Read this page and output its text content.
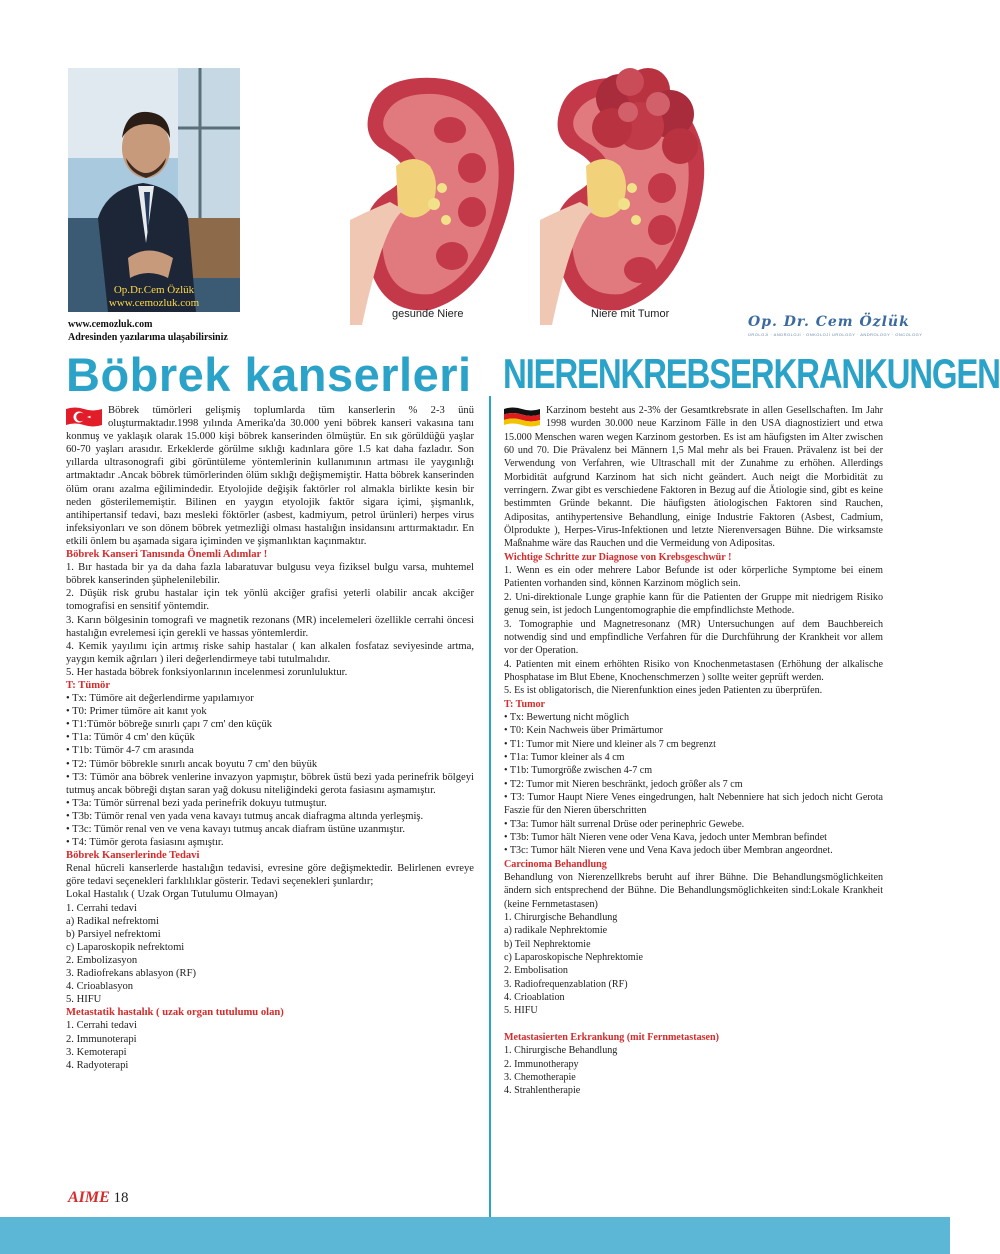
Op.Dr.Cem Özlük
www.cemozluk.com
www.cemozluk.com
Adresinden yazılarıma ulaşabilirsiniz
gesunde Niere	Niere mit Tumor	Op. Dr. Cem Özlük
ÜROLOJİ · ANDROLOJİ · ONKOLOJİ UROLOGY · ANDROLOGY · ONCOLOGY
Böbrek kanserleri NIERENKREBSERKRANKUNGEN

Böbrek tümörleri gelişmiş toplumlarda tüm kanserlerin % 2-3 ünü oluşturmaktadır.1998 yılında Amerika'da 30.000 yeni böbrek kanseri vakasına tanı konmuş ve yaklaşık olarak 15.000 kişi böbrek kanserinden ölmüştür. En sık görüldüğü yaşlar 60-70 yaşları arasıdır. Erkeklerde görülme sıklığı kadınlara göre 1.5 kat daha fazladır. Son yıllarda ultrasonografi gibi görüntüleme yöntemlerinin kullanımının artması ile yaygınlığı artmaktadır .Ancak böbrek tümörlerinden ölüm sıklığı değişmemiştir. Hatta böbrek kanserinden ölüm oranı azalma eğilimindedir. Etyolojide değişik faktörler rol almakla birlikte kesin bir neden gösterilememiştir. Bilinen en yaygın etyolojik faktör sigara içimi, şişmanlık, antihipertansif tedavi, bazı mesleki föktörler (asbest, kadmiyum, petrol ürünleri) herpes virus infeksiyonları ve son dönem böbrek yetmezliği olması hastalığın insidansını arttırmaktadır. En etkili önlem bu aşamada sigara içiminden ve şişmanlıktan kaçınmaktır.

Böbrek Kanseri Tanısında Önemli Adımlar !

1. Bır hastada bir ya da daha fazla labaratuvar bulgusu veya fiziksel bulgu varsa, muhtemel böbrek kanserinden şüphelenilebilir.

2. Düşük risk grubu hastalar için tek yönlü akciğer grafisi yeterli olabilir ancak akciğer tomografisi en sensitif yöntemdir.

3. Karın bölgesinin tomografi ve magnetik rezonans (MR) incelemeleri özellikle cerrahi öncesi hastalığın evrelemesi için gerekli ve hassas yöntemlerdir.

4. Kemik yayılımı için artmış riske sahip hastalar ( kan alkalen fosfataz seviyesinde artma, yaygın kemik ağrıları ) ileri değerlendirmeye tabi tutulmalıdır.

5. Her hastada böbrek fonksiyonlarının incelenmesi zorunluluktur.

T: Tümör

• Tx: Tümöre ait değerlendirme yapılamıyor

• T0: Primer tümöre ait kanıt yok

• T1:Tümör böbreğe sınırlı çapı 7 cm' den küçük

• T1a: Tümör 4 cm' den küçük

• T1b: Tümör 4-7 cm arasında

• T2: Tümör böbrekle sınırlı ancak boyutu 7 cm' den büyük

• T3: Tümör ana böbrek venlerine invazyon yapmıştır, böbrek üstü bezi yada perinefrik bölgeyi tutmuş ancak böbreği dıştan saran yağ dokusu niteliğindeki gerota fasiasını aşmamıştır.

• T3a: Tümör sürrenal bezi yada perinefrik dokuyu tutmuştur.

• T3b: Tümör renal ven yada vena kavayı tutmuş ancak diafragma altında yerleşmiş.

• T3c: Tümör renal ven ve vena kavayı tutmuş ancak diafram üstüne uzanmıştır.

• T4: Tümör gerota fasiasını aşmıştır.

Böbrek Kanserlerinde Tedavi

Renal hücreli kanserlerde hastalığın tedavisi, evresine göre değişmektedir. Belirlenen evreye göre tedavi seçenekleri farklılıklar gösterir. Tedavi seçenekleri şunlardır;

Lokal Hastalık ( Uzak Organ Tutulumu Olmayan)

1. Cerrahi tedavi

a) Radikal nefrektomi

b) Parsiyel nefrektomi

c) Laparoskopik nefrektomi

2. Embolizasyon

3. Radiofrekans ablasyon (RF)

4. Crioablasyon

5. HIFU

Metastatik hastalık ( uzak organ tutulumu olan)

1. Cerrahi tedavi

2. Immunoterapi

3. Kemoterapi

4. Radyoterapi

Karzinom besteht aus 2-3% der Gesamtkrebsrate in allen Gesellschaften. Im Jahr 1998 wurden 30.000 neue Karzinom Fälle in den USA diagnostiziert und etwa 15.000 Menschen waren wegen Karzinom gestorben. Es ist am häufigsten im Alter zwischen 60 und 70. Die Prävalenz bei Männern 1,5 Mal mehr als bei Frauen. Prävalenz ist bei der Verwendung von Verfahren, wie Ultraschall mit der Zunahme zu erhöhen. Allerdings Morbidität aufgrund Karzinom hat sich nicht geändert. Auch neigt die Morbidität zu verringern. Zwar gibt es verschiedene Faktoren in Bezug auf die Ätiologie sind, gibt es keine bestimmten Gründe bekannt. Die häufigsten ätiologischen Faktoren sind Rauchen, Adipositas, antihypertensive Behandlung, einige Industrie Faktoren (Asbest, Cadmium, Ölprodukte ), Herpes-Virus-Infektionen und letzte Nierenversagen Bühne. Die wirksamste Maßnahme wäre das Rauchen und die Vermeidung von Adipositas.

Wichtige Schritte zur Diagnose von Krebsgeschwür !

1. Wenn es ein oder mehrere Labor Befunde ist oder körperliche Symptome bei einem Patienten vorhanden sind, können Karzinom möglich sein.

2. Uni-direktionale Lunge graphie kann für die Patienten der Gruppe mit niedrigem Risiko genug sein, ist jedoch Lungentomographie die empfindlichste Methode.

3. Tomographie und Magnetresonanz (MR) Untersuchungen auf dem Bauchbereich notwendig sind und empfindliche Verfahren für die Durchführung der Krankheit vor allem vor der Operation.

4. Patienten mit einem erhöhten Risiko von Knochenmetastasen (Erhöhung der alkalische Phosphatase im Blut Ebene, Knochenschmerzen ) sollte weiter geprüft werden.

5. Es ist obligatorisch, die Nierenfunktion eines jeden Patienten zu überprüfen.

T: Tumor

• Tx: Bewertung nicht möglich

• T0: Kein Nachweis über Primärtumor

• T1: Tumor mit Niere und kleiner als 7 cm begrenzt

• T1a: Tumor kleiner als 4 cm

• T1b: Tumorgröße zwischen 4-7 cm

• T2: Tumor mit Nieren beschränkt, jedoch größer als 7 cm

• T3: Tumor Haupt Niere Venes eingedrungen, halt Nebenniere hat sich jedoch nicht Gerota Faszie für den Nieren überschritten

• T3a: Tumor hält surrenal Drüse oder perinephric Gewebe.

• T3b: Tumor hält Nieren vene oder Vena Kava, jedoch unter Membran befindet

• T3c: Tumor hält Nieren vene und Vena Kava jedoch über Membran angeordnet.

Carcinoma Behandlung

Behandlung von Nierenzellkrebs beruht auf ihrer Bühne. Die Behandlungsmöglichkeiten ändern sich entsprechend der Bühne. Die Behandlungsmöglichkeiten sind:Lokale Krankheit (keine Fernmetastasen)

1. Chirurgische Behandlung

a) radikale Nephrektomie

b) Teil Nephrektomie

c) Laparoskopische Nephrektomie

2. Embolisation

3. Radiofrequenzablation (RF)

4. Crioablation

5. HIFU

Metastasierten Erkrankung (mit Fernmetastasen)

1. Chirurgische Behandlung

2. Immunotherapy

3. Chemotherapie

4. Strahlentherapie

AIME 18
